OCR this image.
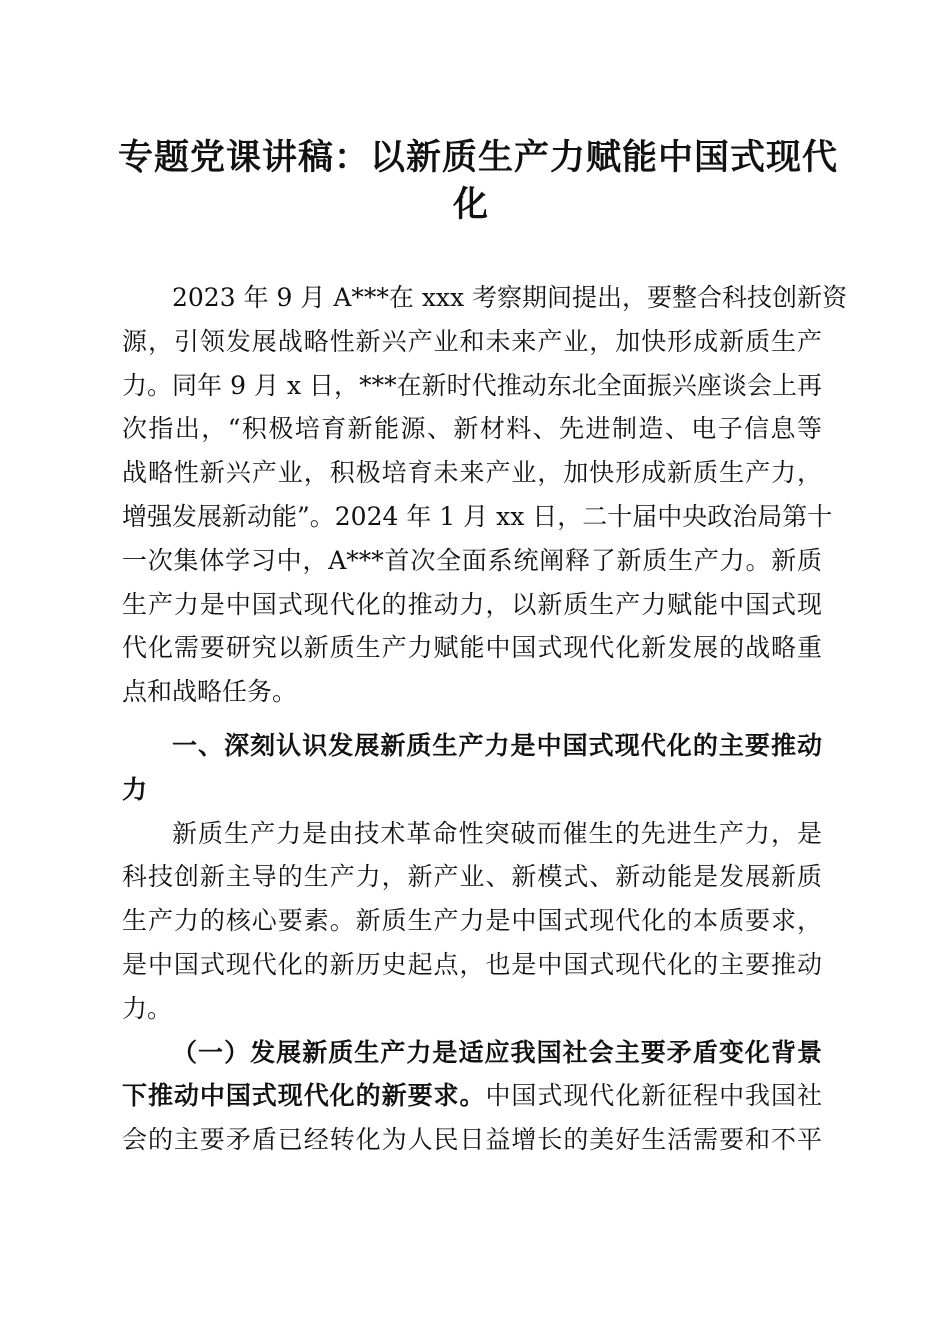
专题党课讲稿：以新质生产力赋能中国式现代
化
2023 年 9 月 A***在 xxx 考察期间提出，要整合科技创新资
源，引领发展战略性新兴产业和未来产业，加快形成新质生产
力。同年 9 月 x 日，***在新时代推动东北全面振兴座谈会上再
次指出，“积极培育新能源、新材料、先进制造、电子信息等
战略性新兴产业，积极培育未来产业，加快形成新质生产力，
增强发展新动能”。2024 年 1 月 xx 日，二十届中央政治局第十
一次集体学习中，A***首次全面系统阐释了新质生产力。新质
生产力是中国式现代化的推动力，以新质生产力赋能中国式现
代化需要研究以新质生产力赋能中国式现代化新发展的战略重
点和战略任务。
一、深刻认识发展新质生产力是中国式现代化的主要推动
力
新质生产力是由技术革命性突破而催生的先进生产力，是
科技创新主导的生产力，新产业、新模式、新动能是发展新质
生产力的核心要素。新质生产力是中国式现代化的本质要求，
是中国式现代化的新历史起点，也是中国式现代化的主要推动
力。
（一）发展新质生产力是适应我国社会主要矛盾变化背景
下推动中国式现代化的新要求。中国式现代化新征程中我国社
会的主要矛盾已经转化为人民日益增长的美好生活需要和不平
